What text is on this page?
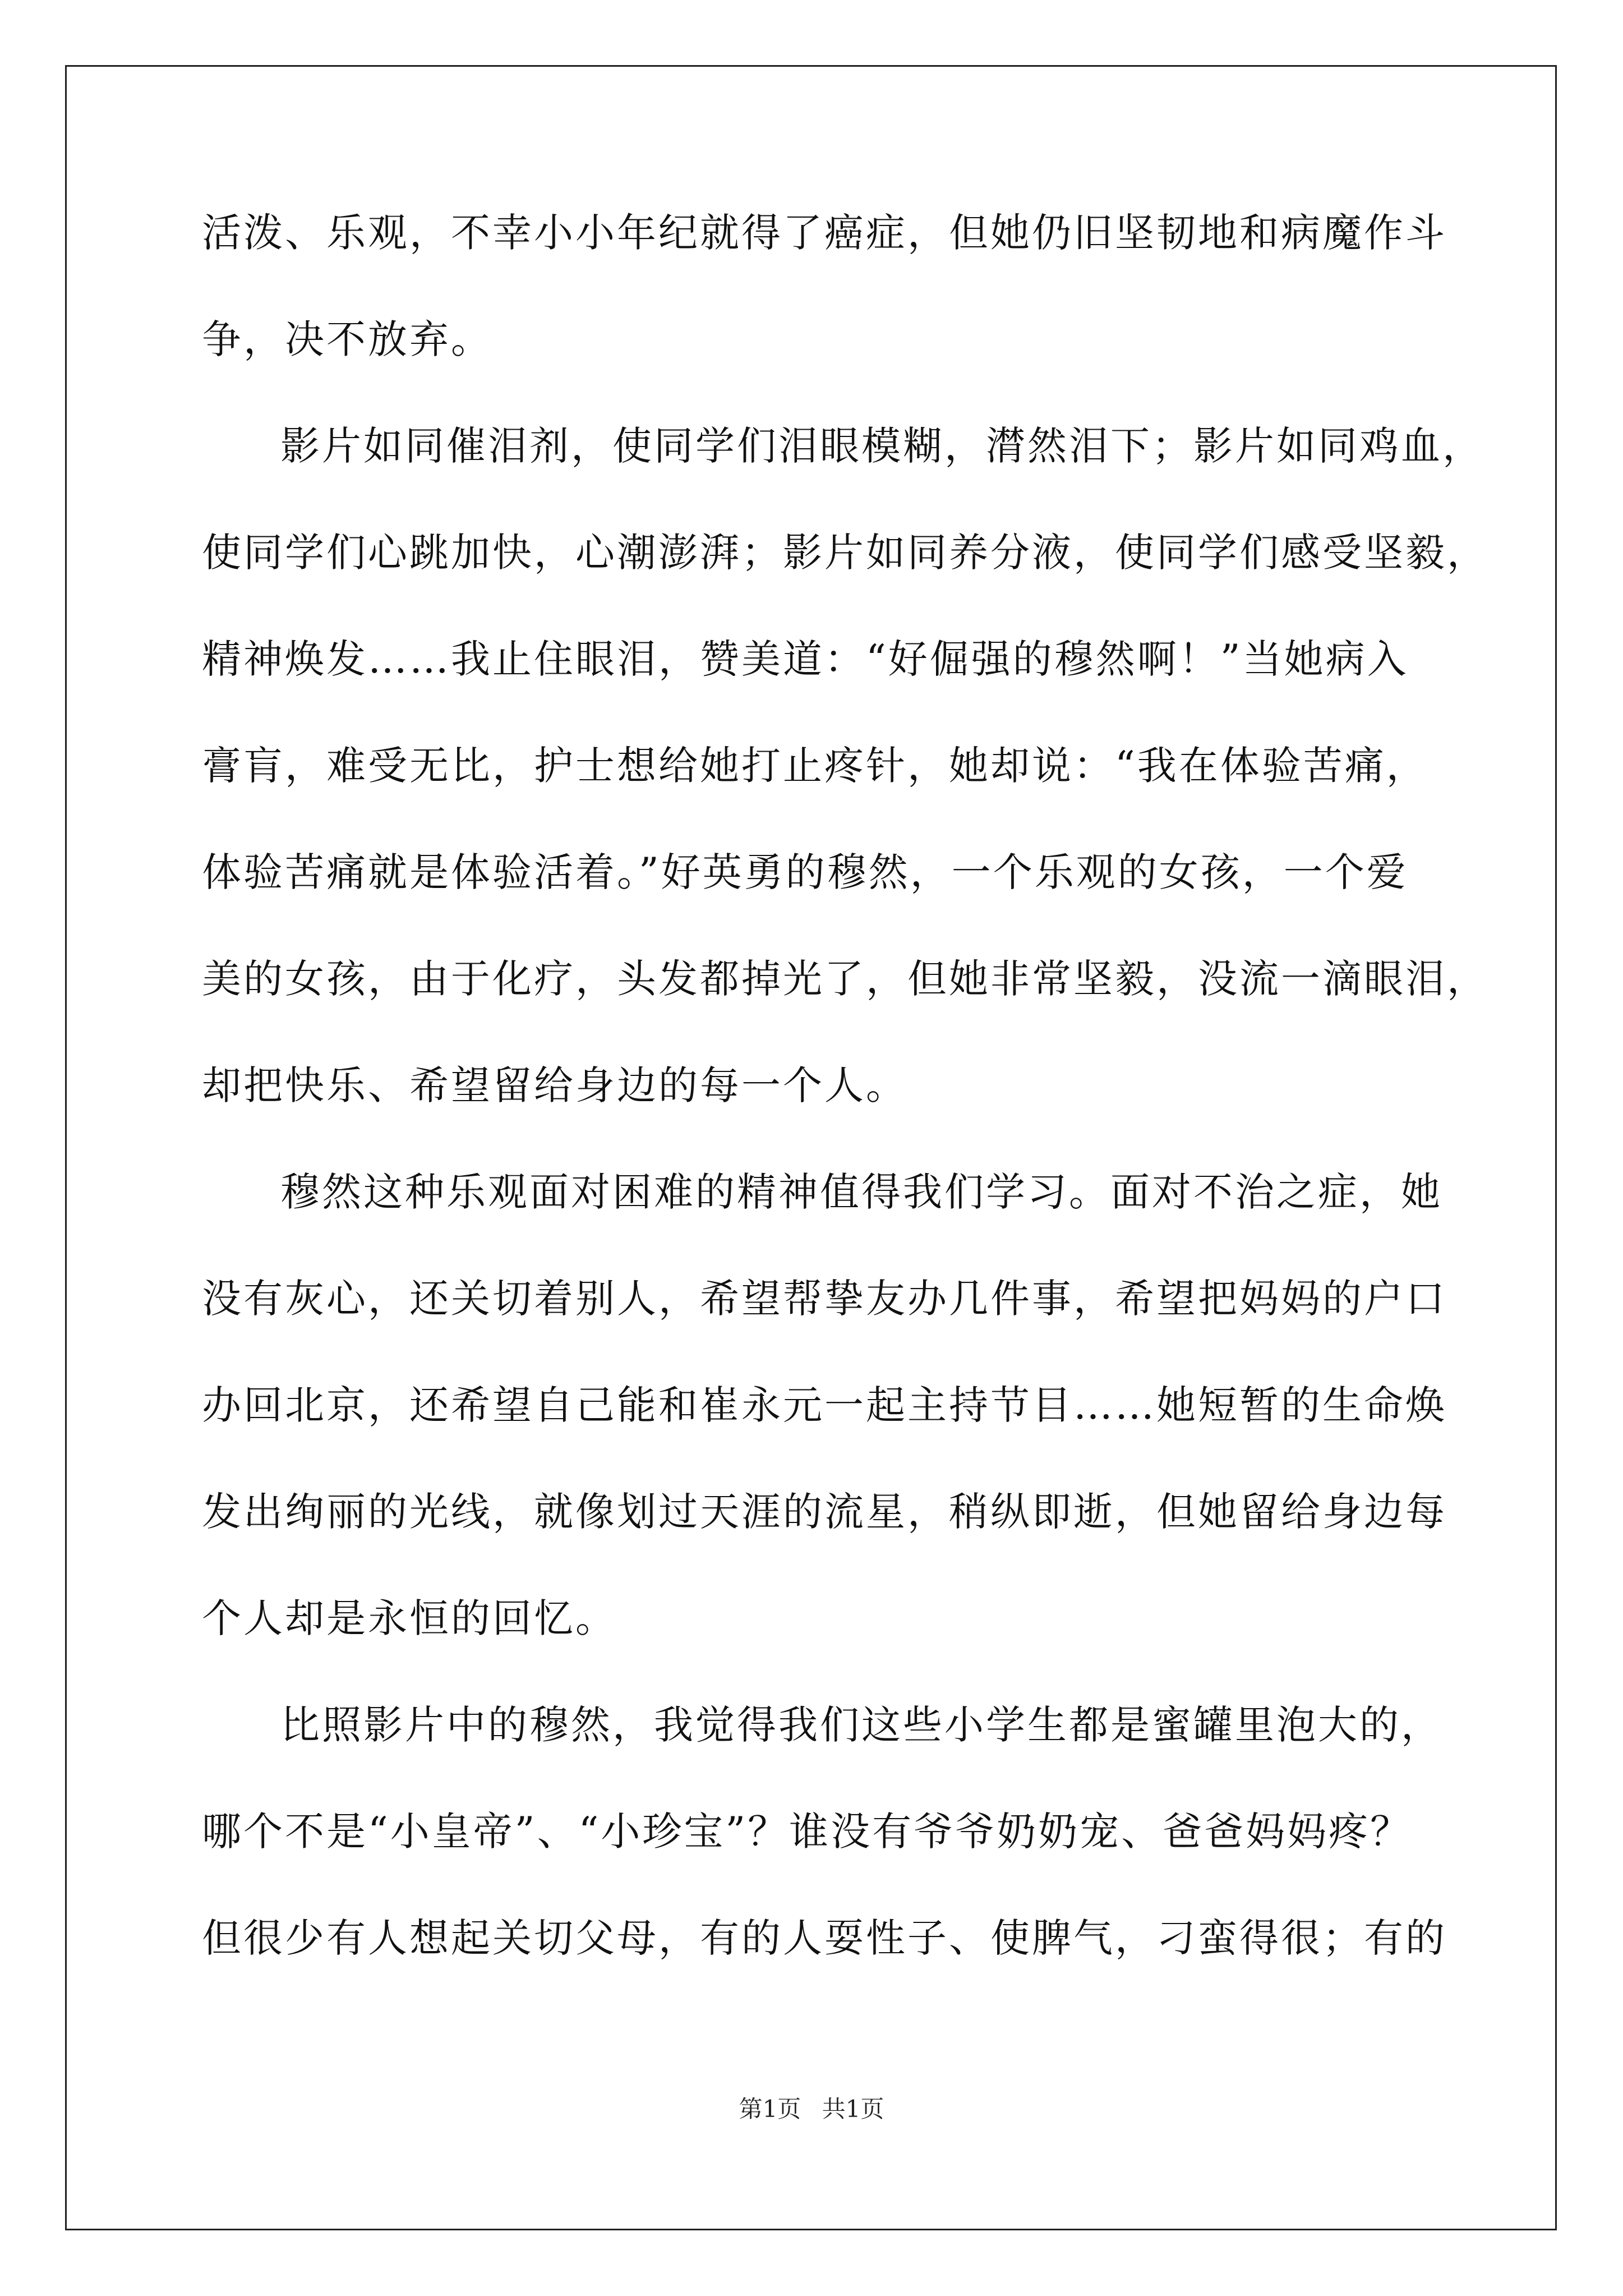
活泼、乐观，不幸小小年纪就得了癌症，但她仍旧坚韧地和病魔作斗
争，决不放弃。
影片如同催泪剂，使同学们泪眼模糊，潸然泪下；影片如同鸡血，
使同学们心跳加快，心潮澎湃；影片如同养分液，使同学们感受坚毅，
精神焕发……我止住眼泪，赞美道：“好倔强的穆然啊！”当她病入
膏肓，难受无比，护士想给她打止疼针，她却说：“我在体验苦痛，
体验苦痛就是体验活着。”好英勇的穆然，一个乐观的女孩，一个爱
美的女孩，由于化疗，头发都掉光了，但她非常坚毅，没流一滴眼泪，
却把快乐、希望留给身边的每一个人。
穆然这种乐观面对困难的精神值得我们学习。面对不治之症，她
没有灰心，还关切着别人，希望帮挚友办几件事，希望把妈妈的户口
办回北京，还希望自己能和崔永元一起主持节目……她短暂的生命焕
发出绚丽的光线，就像划过天涯的流星，稍纵即逝，但她留给身边每
个人却是永恒的回忆。
比照影片中的穆然，我觉得我们这些小学生都是蜜罐里泡大的，
哪个不是“小皇帝”、“小珍宝”？谁没有爷爷奶奶宠、爸爸妈妈疼？
但很少有人想起关切父母，有的人耍性子、使脾气，刁蛮得很；有的
第1页 共1页
